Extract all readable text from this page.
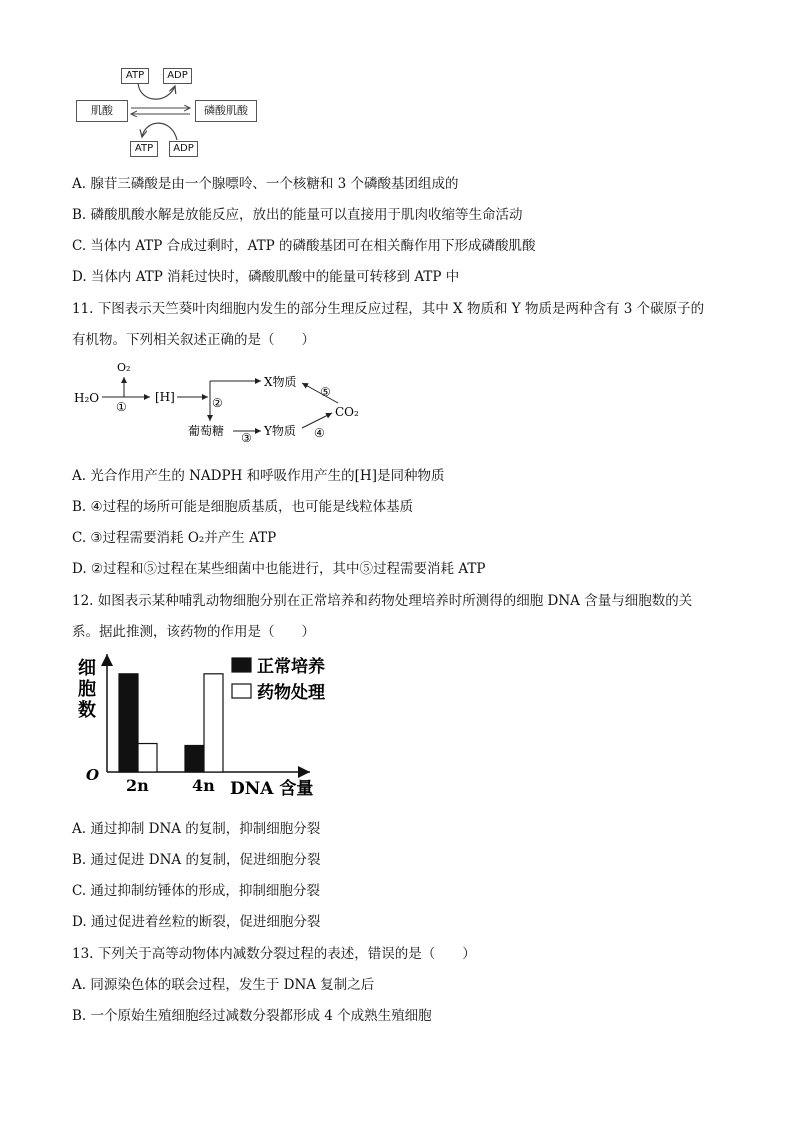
ATP	ADP
肌酸	磷酸肌酸
ATP	ADP
A. 腺苷三磷酸是由一个腺嘌呤、一个核糖和 3 个磷酸基团组成的
B. 磷酸肌酸水解是放能反应，放出的能量可以直接用于肌肉收缩等生命活动
C. 当体内 ATP 合成过剩时，ATP 的磷酸基团可在相关酶作用下形成磷酸肌酸
D. 当体内 ATP 消耗过快时，磷酸肌酸中的能量可转移到 ATP 中
11. 下图表示天竺葵叶肉细胞内发生的部分生理反应过程，其中 X 物质和 Y 物质是两种含有 3 个碳原子的
有机物。下列相关叙述正确的是（　　）
O₂
H₂O
①
[H]	②
X物质
⑤
CO₂
葡萄糖 ③ Y物质 ④
A. 光合作用产生的 NADPH 和呼吸作用产生的[H]是同种物质
B. ④过程的场所可能是细胞质基质，也可能是线粒体基质
C. ③过程需要消耗 O₂并产生 ATP
D. ②过程和⑤过程在某些细菌中也能进行，其中⑤过程需要消耗 ATP
12. 如图表示某种哺乳动物细胞分别在正常培养和药物处理培养时所测得的细胞 DNA 含量与细胞数的关
系。据此推测，该药物的作用是（　　）
细
胞
数
O
DNA 含量
2n	4n
正常培养
药物处理
A. 通过抑制 DNA 的复制，抑制细胞分裂
B. 通过促进 DNA 的复制，促进细胞分裂
C. 通过抑制纺锤体的形成，抑制细胞分裂
D. 通过促进着丝粒的断裂，促进细胞分裂
13. 下列关于高等动物体内减数分裂过程的表述，错误的是（　　）
A. 同源染色体的联会过程，发生于 DNA 复制之后
B. 一个原始生殖细胞经过减数分裂都形成 4 个成熟生殖细胞
